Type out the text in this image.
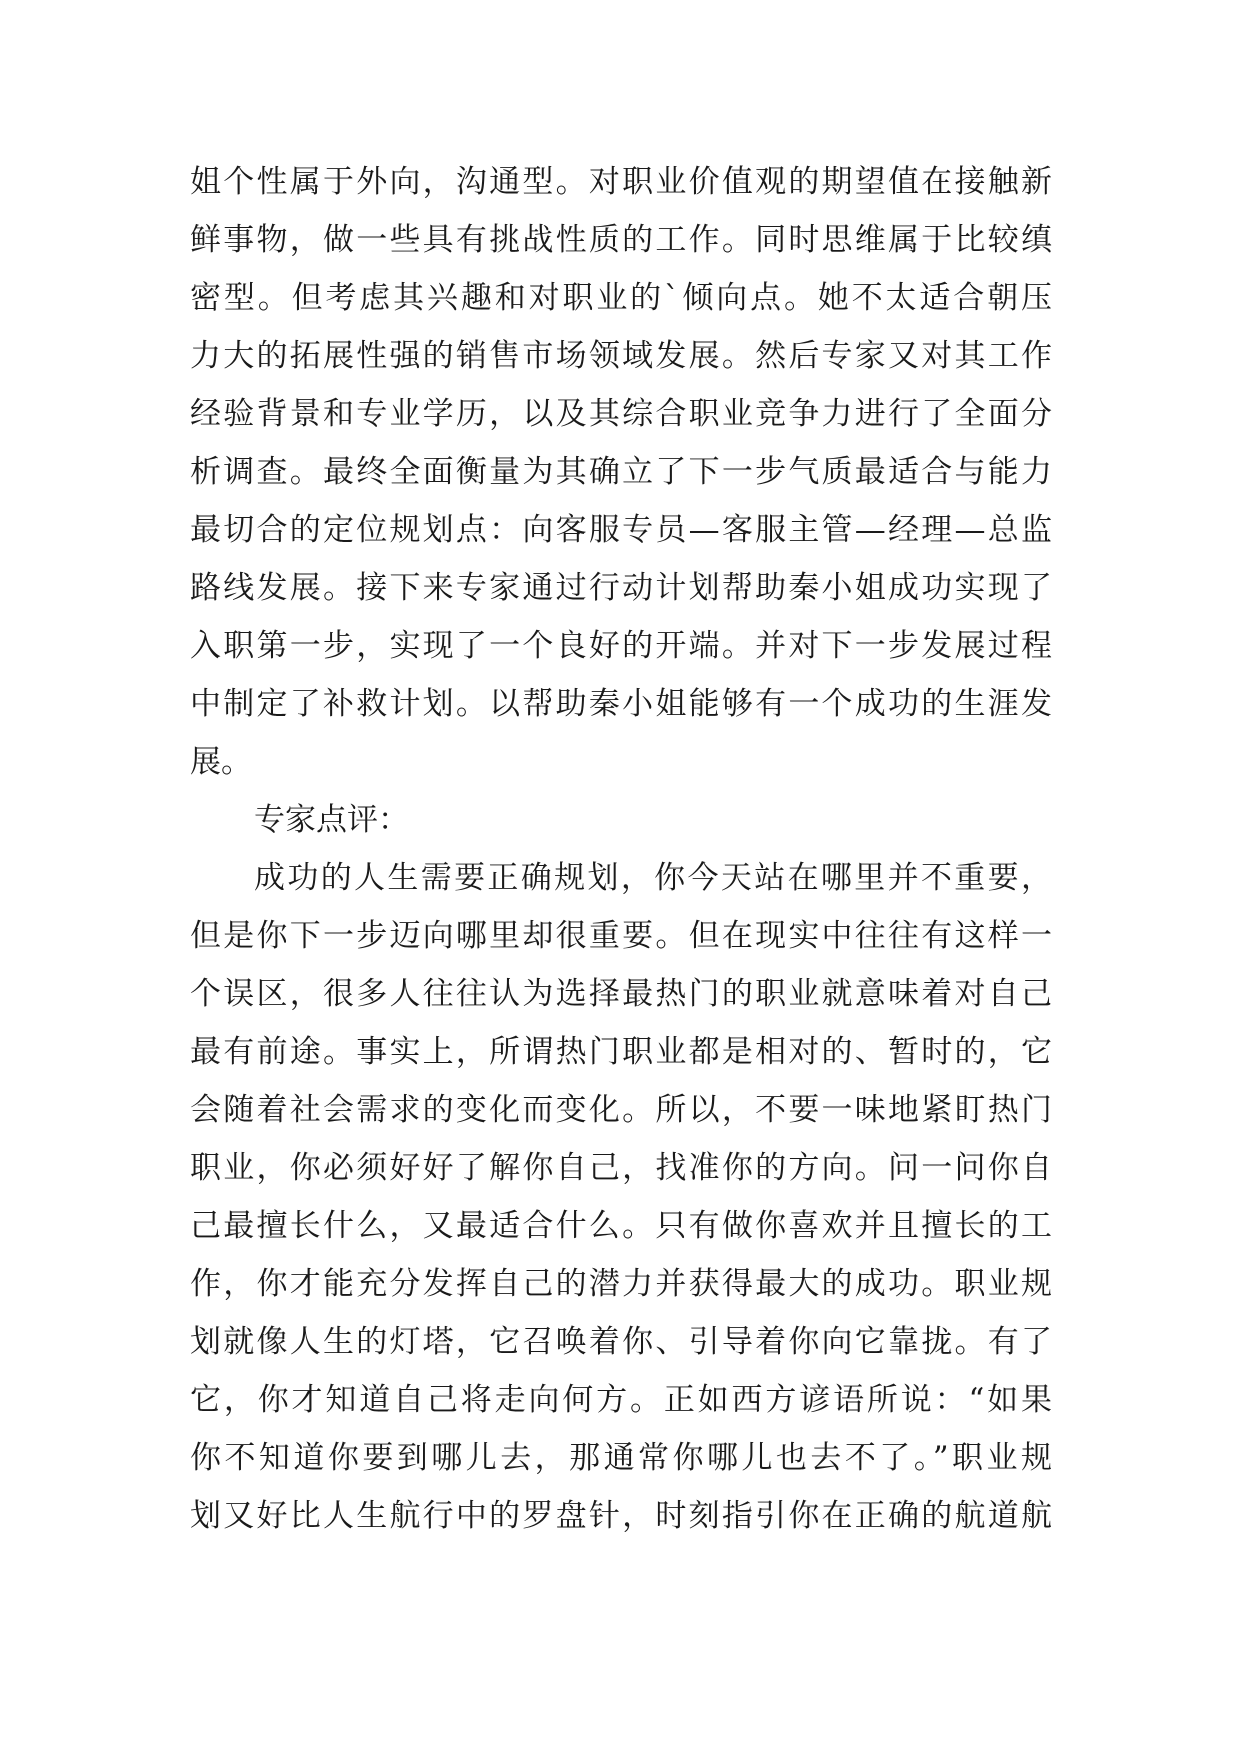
姐个性属于外向，沟通型。对职业价值观的期望值在接触新
鲜事物，做一些具有挑战性质的工作。同时思维属于比较缜
密型。但考虑其兴趣和对职业的`倾向点。她不太适合朝压
力大的拓展性强的销售市场领域发展。然后专家又对其工作
经验背景和专业学历，以及其综合职业竞争力进行了全面分
析调查。最终全面衡量为其确立了下一步气质最适合与能力
最切合的定位规划点：向客服专员—客服主管—经理—总监
路线发展。接下来专家通过行动计划帮助秦小姐成功实现了
入职第一步，实现了一个良好的开端。并对下一步发展过程
中制定了补救计划。以帮助秦小姐能够有一个成功的生涯发
展。
专家点评：
成功的人生需要正确规划，你今天站在哪里并不重要，
但是你下一步迈向哪里却很重要。但在现实中往往有这样一
个误区，很多人往往认为选择最热门的职业就意味着对自己
最有前途。事实上，所谓热门职业都是相对的、暂时的，它
会随着社会需求的变化而变化。所以，不要一味地紧盯热门
职业，你必须好好了解你自己，找准你的方向。问一问你自
己最擅长什么，又最适合什么。只有做你喜欢并且擅长的工
作，你才能充分发挥自己的潜力并获得最大的成功。职业规
划就像人生的灯塔，它召唤着你、引导着你向它靠拢。有了
它，你才知道自己将走向何方。正如西方谚语所说：“如果
你不知道你要到哪儿去，那通常你哪儿也去不了。”职业规
划又好比人生航行中的罗盘针，时刻指引你在正确的航道航
